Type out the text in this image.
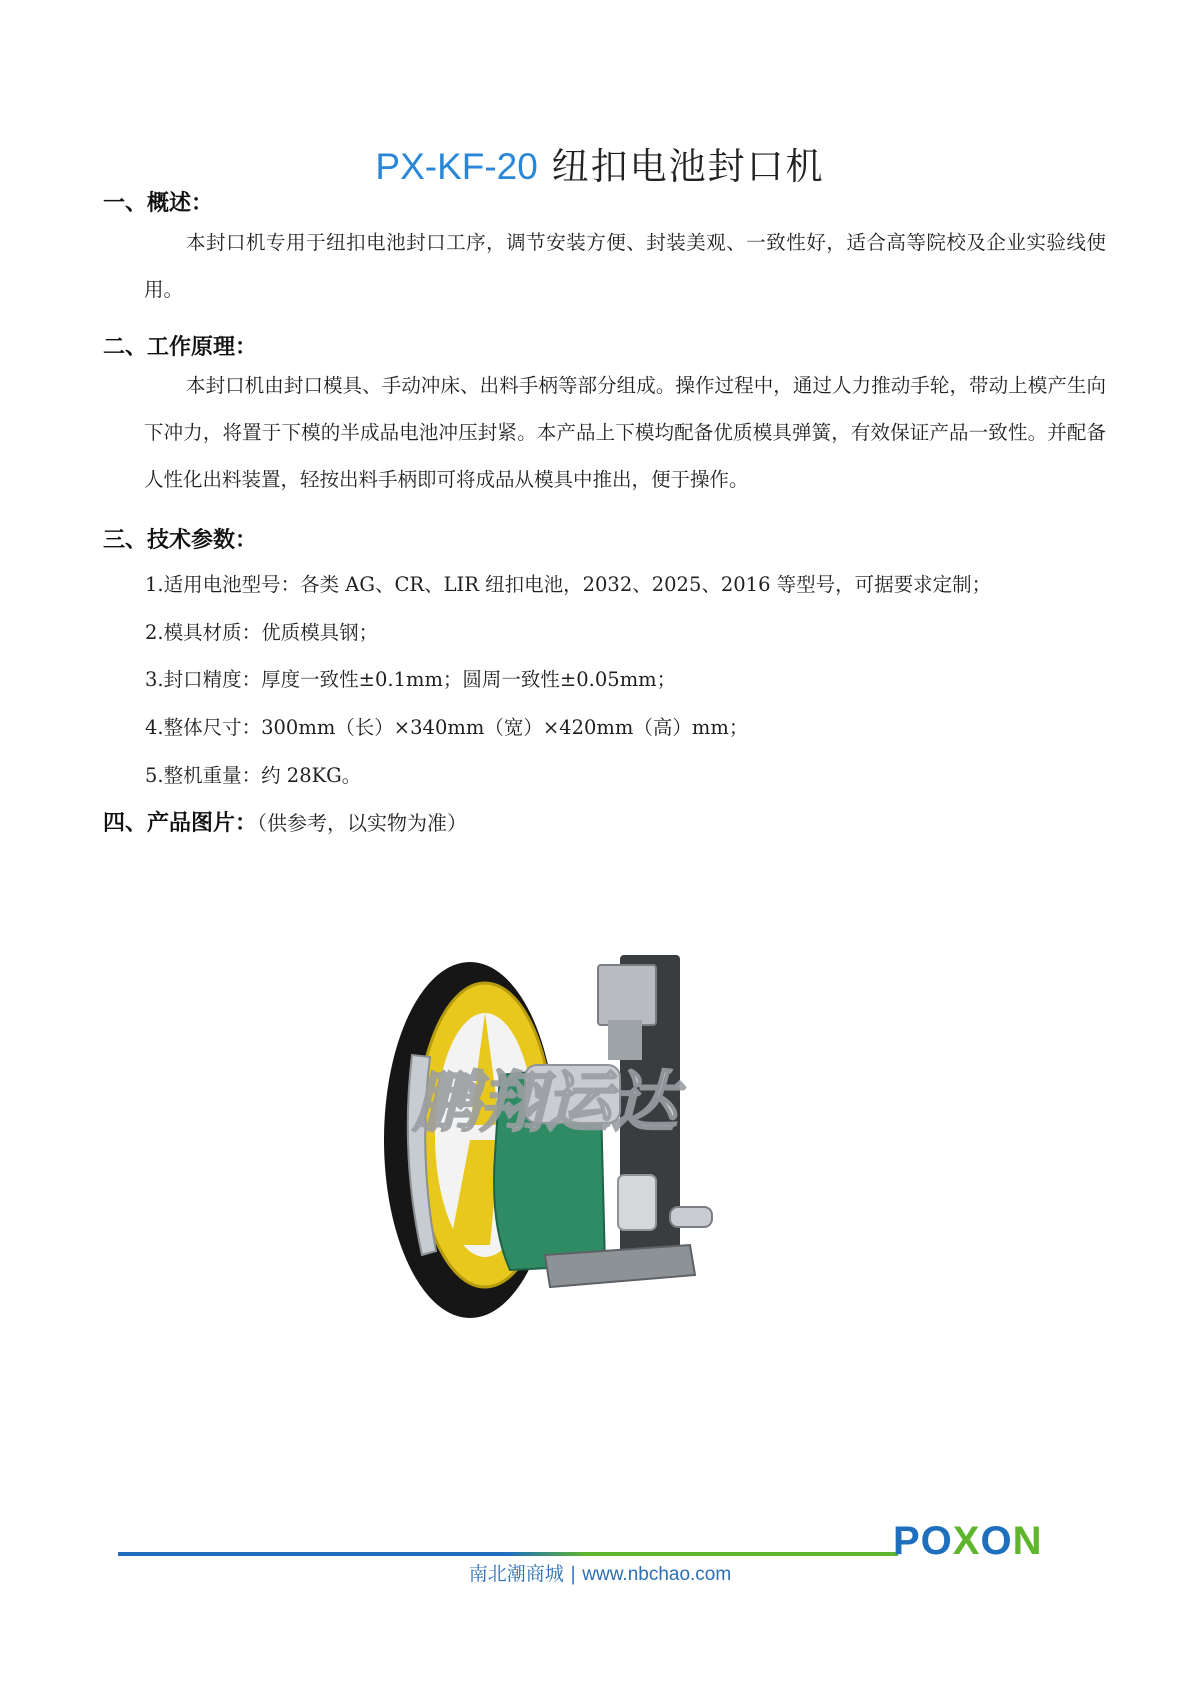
PX-KF-20 纽扣电池封口机
一、概述：
本封口机专用于纽扣电池封口工序，调节安装方便、封装美观、一致性好，适合高等院校及企业实验线使用。
二、工作原理：
本封口机由封口模具、手动冲床、出料手柄等部分组成。操作过程中，通过人力推动手轮，带动上模产生向下冲力，将置于下模的半成品电池冲压封紧。本产品上下模均配备优质模具弹簧，有效保证产品一致性。并配备人性化出料装置，轻按出料手柄即可将成品从模具中推出，便于操作。
三、技术参数：
1.适用电池型号：各类 AG、CR、LIR 纽扣电池，2032、2025、2016 等型号，可据要求定制；
2.模具材质：优质模具钢；
3.封口精度：厚度一致性±0.1mm；圆周一致性±0.05mm；
4.整体尺寸：300mm（长）×340mm（宽）×420mm（高）mm；
5.整机重量：约 28KG。
四、产品图片：（供参考，以实物为准）
鹏翔运达
POXON
南北潮商城 | www.nbchao.com
